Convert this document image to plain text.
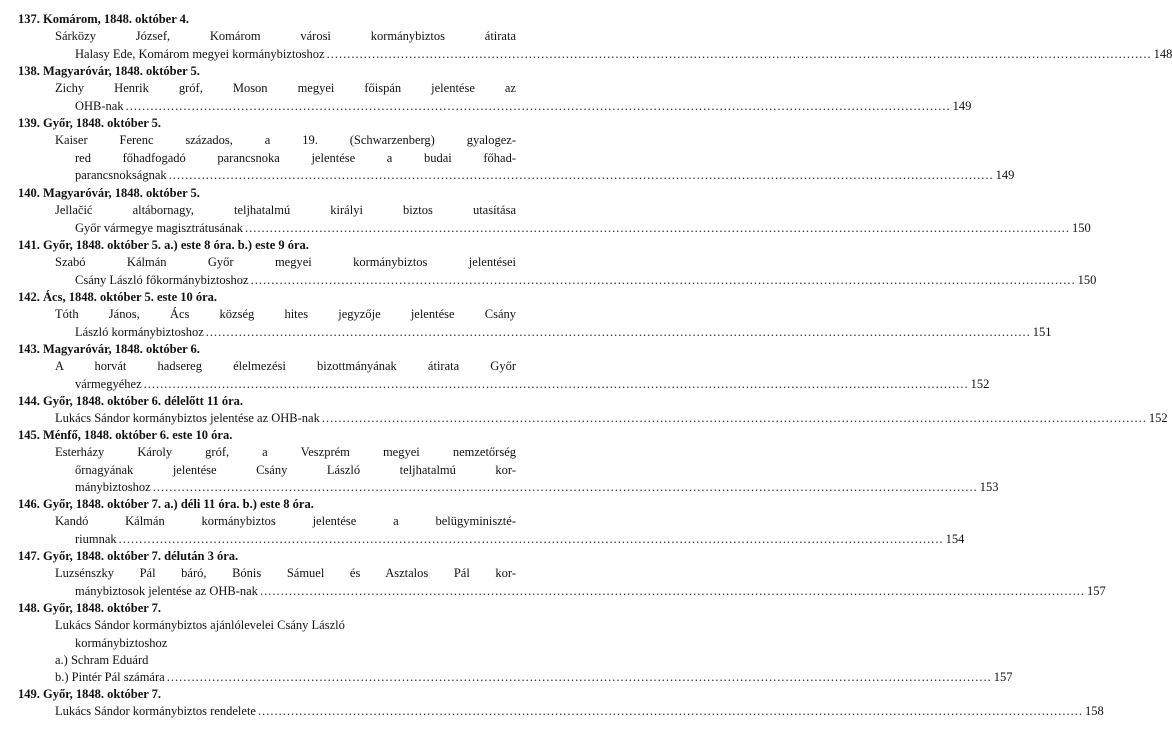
137. Komárom, 1848. október 4.
Sárközy József, Komárom városi kormánybiztos átirata
Halasy Ede, Komárom megyei kormánybiztoshoz ........................................................................................................................................................................................................ 148
138. Magyaróvár, 1848. október 5.
Zichy Henrik gróf, Moson megyei főispán jelentése az
OHB-nak ........................................................................................................................................................................................................ 149
139. Győr, 1848. október 5.
Kaiser Ferenc százados, a 19. (Schwarzenberg) gyalogez-
red főhadfogadó parancsnoka jelentése a budai főhad-
parancsnokságnak ........................................................................................................................................................................................................ 149
140. Magyaróvár, 1848. október 5.
Jellačić altábornagy, teljhatalmú királyi biztos utasítása
Győr vármegye magisztrátusának ........................................................................................................................................................................................................ 150
141. Győr, 1848. október 5. a.) este 8 óra. b.) este 9 óra.
Szabó Kálmán Győr megyei kormánybiztos jelentései
Csány László főkormánybiztoshoz ........................................................................................................................................................................................................ 150
142. Ács, 1848. október 5. este 10 óra.
Tóth János, Ács község hites jegyzője jelentése Csány
László kormánybiztoshoz ........................................................................................................................................................................................................ 151
143. Magyaróvár, 1848. október 6.
A horvát hadsereg élelmezési bizottmányának átirata Győr
vármegyéhez ........................................................................................................................................................................................................ 152
144. Győr, 1848. október 6. délelőtt 11 óra.
Lukács Sándor kormánybiztos jelentése az OHB-nak ........................................................................................................................................................................................................ 152
145. Ménfő, 1848. október 6. este 10 óra.
Esterházy Károly gróf, a Veszprém megyei nemzetőrség
őrnagyának jelentése Csány László teljhatalmú kor-
mánybiztoshoz ........................................................................................................................................................................................................ 153
146. Győr, 1848. október 7. a.) déli 11 óra. b.) este 8 óra.
Kandó Kálmán kormánybiztos jelentése a belügyminiszté-
riumnak ........................................................................................................................................................................................................ 154
147. Győr, 1848. október 7. délután 3 óra.
Luzsénszky Pál báró, Bónis Sámuel és Asztalos Pál kor-
mánybiztosok jelentése az OHB-nak ........................................................................................................................................................................................................ 157
148. Győr, 1848. október 7.
Lukács Sándor kormánybiztos ajánlólevelei Csány László
kormánybiztoshoz
a.) Schram Eduárd
b.) Pintér Pál számára ........................................................................................................................................................................................................ 157
149. Győr, 1848. október 7.
Lukács Sándor kormánybiztos rendelete ........................................................................................................................................................................................................ 158
